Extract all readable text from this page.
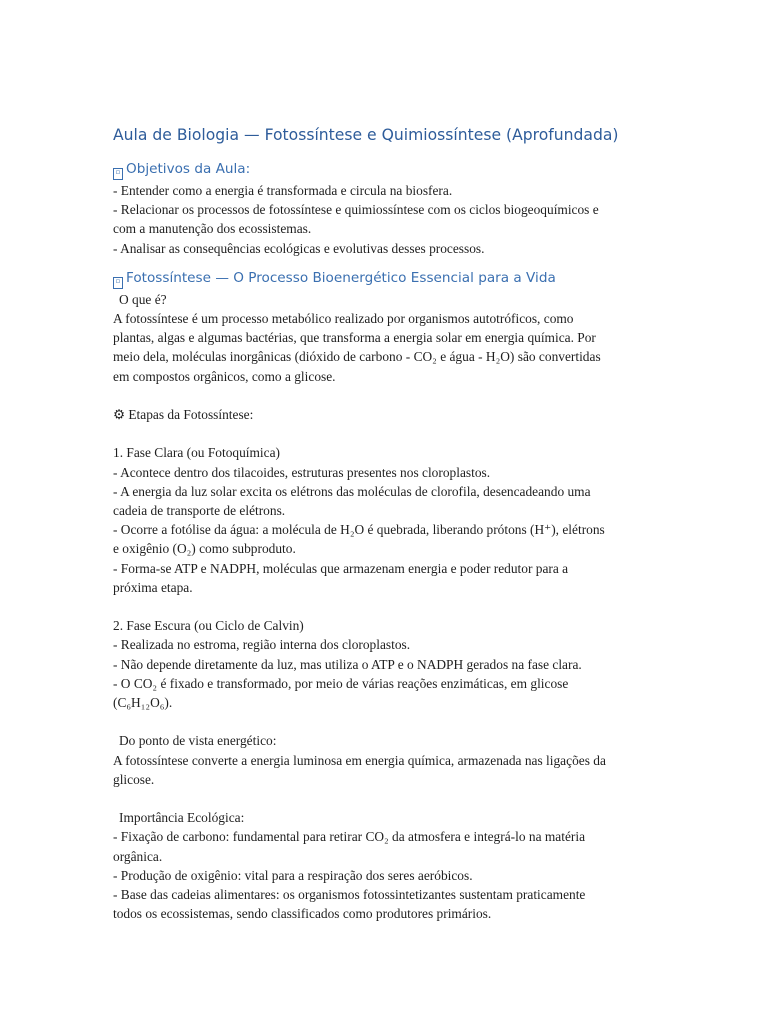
Aula de Biologia — Fotossíntese e Quimiossíntese (Aprofundada)
▫ Objetivos da Aula:

- Entender como a energia é transformada e circula na biosfera.

- Relacionar os processos de fotossíntese e quimiossíntese com os ciclos biogeoquímicos e

com a manutenção dos ecossistemas.

- Analisar as consequências ecológicas e evolutivas desses processos.

▫ Fotossíntese — O Processo Bioenergético Essencial para a Vida

O que é?

A fotossíntese é um processo metabólico realizado por organismos autotróficos, como

plantas, algas e algumas bactérias, que transforma a energia solar em energia química. Por

meio dela, moléculas inorgânicas (dióxido de carbono - CO₂ e água - H₂O) são convertidas

em compostos orgânicos, como a glicose.

⚙ Etapas da Fotossíntese:

1. Fase Clara (ou Fotoquímica)

- Acontece dentro dos tilacoides, estruturas presentes nos cloroplastos.

- A energia da luz solar excita os elétrons das moléculas de clorofila, desencadeando uma

cadeia de transporte de elétrons.

- Ocorre a fotólise da água: a molécula de H₂O é quebrada, liberando prótons (H⁺), elétrons

e oxigênio (O₂) como subproduto.

- Forma-se ATP e NADPH, moléculas que armazenam energia e poder redutor para a

próxima etapa.

2. Fase Escura (ou Ciclo de Calvin)

- Realizada no estroma, região interna dos cloroplastos.

- Não depende diretamente da luz, mas utiliza o ATP e o NADPH gerados na fase clara.

- O CO₂ é fixado e transformado, por meio de várias reações enzimáticas, em glicose

(C₆H₁₂O₆).

Do ponto de vista energético:

A fotossíntese converte a energia luminosa em energia química, armazenada nas ligações da

glicose.

Importância Ecológica:

- Fixação de carbono: fundamental para retirar CO₂ da atmosfera e integrá-lo na matéria

orgânica.

- Produção de oxigênio: vital para a respiração dos seres aeróbicos.

- Base das cadeias alimentares: os organismos fotossintetizantes sustentam praticamente

todos os ecossistemas, sendo classificados como produtores primários.
